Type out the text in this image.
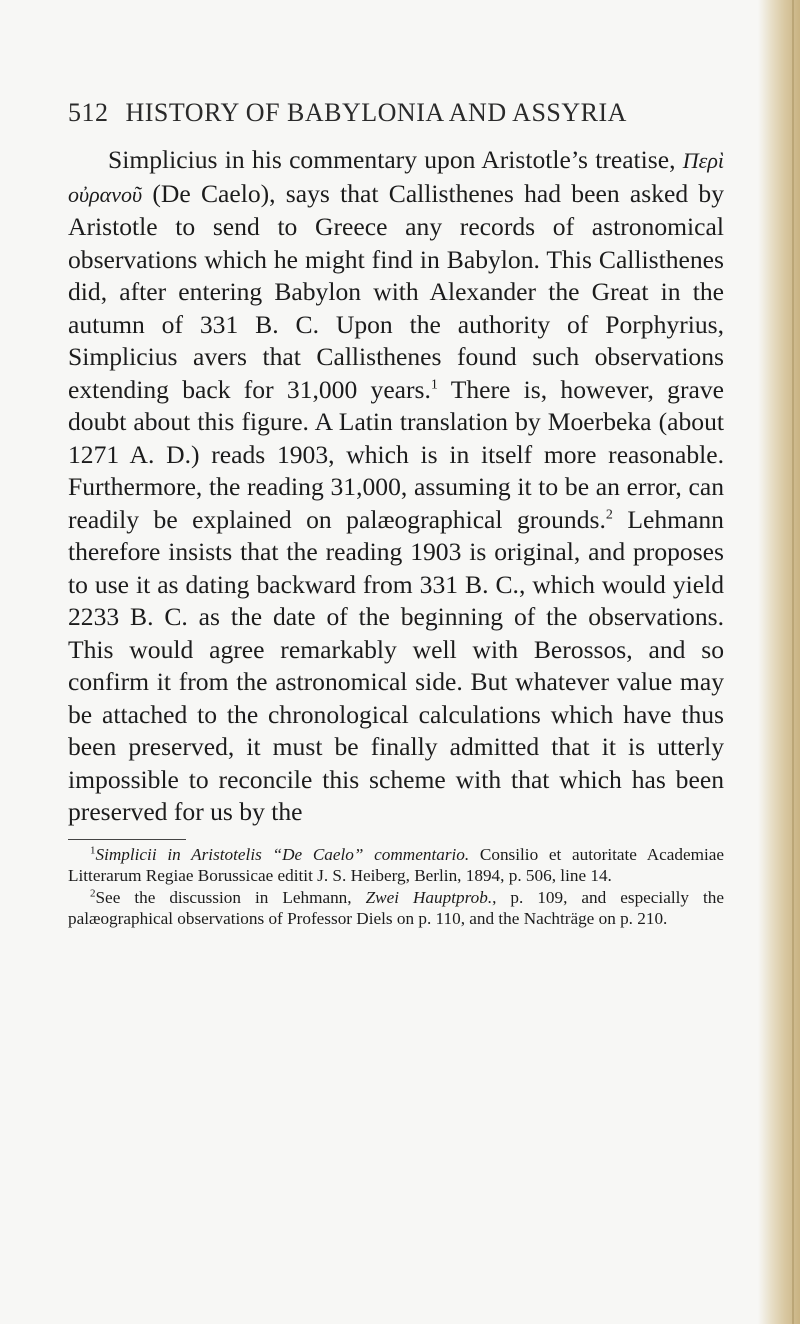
512 HISTORY OF BABYLONIA AND ASSYRIA
Simplicius in his commentary upon Aristotle’s treatise, Περὶ οὐρανοῦ (De Caelo), says that Callisthenes had been asked by Aristotle to send to Greece any records of astronomical observations which he might find in Babylon. This Callisthenes did, after entering Babylon with Alexander the Great in the autumn of 331 B. C. Upon the authority of Porphyrius, Simplicius avers that Callisthenes found such observations extending back for 31,000 years.$^1$ There is, however, grave doubt about this figure. A Latin translation by Moerbeka (about 1271 A. D.) reads 1903, which is in itself more reasonable. Furthermore, the reading 31,000, assuming it to be an error, can readily be explained on palæographical grounds.$^2$ Lehmann therefore insists that the reading 1903 is original, and proposes to use it as dating backward from 331 B. C., which would yield 2233 B. C. as the date of the beginning of the observations. This would agree remarkably well with Berossos, and so confirm it from the astronomical side. But whatever value may be attached to the chronological calculations which have thus been preserved, it must be finally admitted that it is utterly impossible to reconcile this scheme with that which has been preserved for us by the

$^1$Simplicii in Aristotelis “De Caelo” commentario. Consilio et autoritate Academiae Litterarum Regiae Borussicae editit J. S. Heiberg, Berlin, 1894, p. 506, line 14.

$^2$See the discussion in Lehmann, Zwei Hauptprob., p. 109, and especially the palæographical observations of Professor Diels on p. 110, and the Nachträge on p. 210.
